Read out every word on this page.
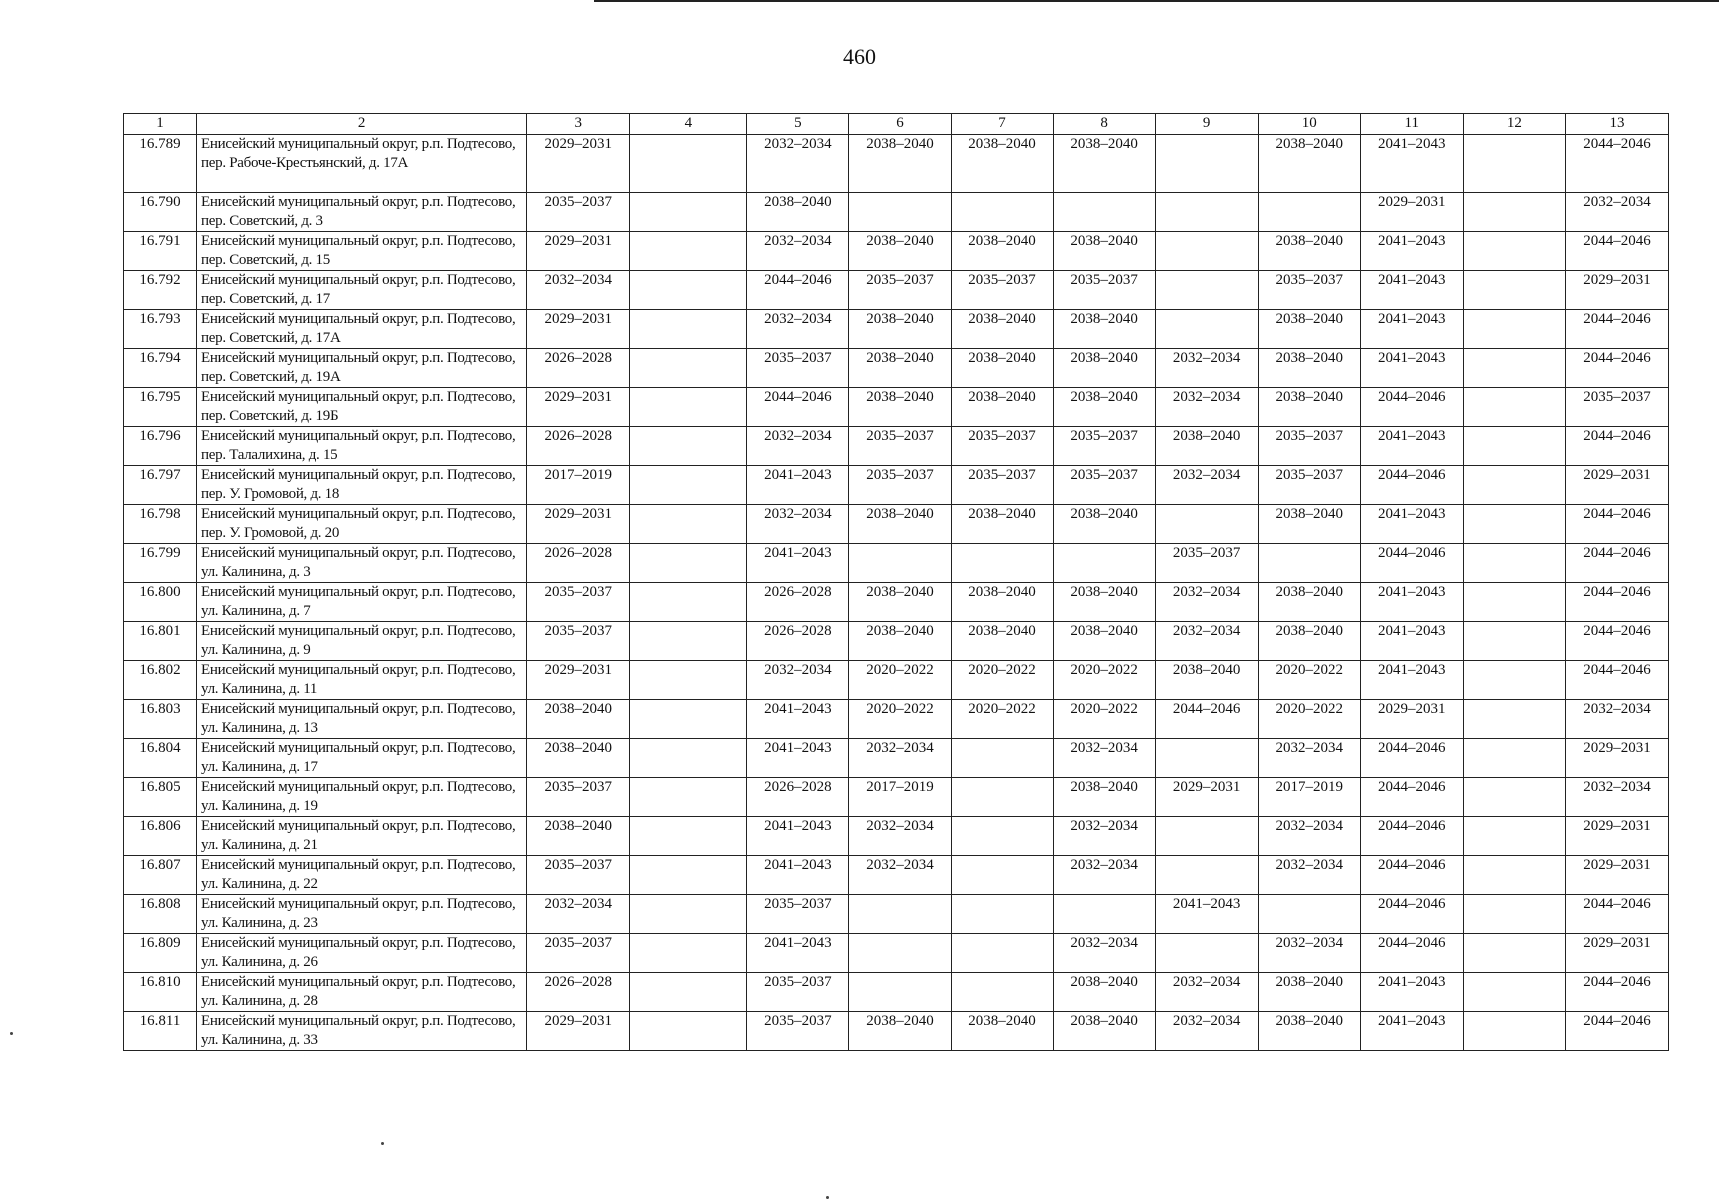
460
1	2	3	4	5	6	7	8	9	10	11	12	13
16.789	Енисейский муниципальный округ, р.п. Подтесово, пер. Рабоче-Крестьянский, д. 17А	2029–2031		2032–2034	2038–2040	2038–2040	2038–2040		2038–2040	2041–2043		2044–2046
16.790	Енисейский муниципальный округ, р.п. Подтесово, пер. Советский, д. 3	2035–2037		2038–2040						2029–2031		2032–2034
16.791	Енисейский муниципальный округ, р.п. Подтесово, пер. Советский, д. 15	2029–2031		2032–2034	2038–2040	2038–2040	2038–2040		2038–2040	2041–2043		2044–2046
16.792	Енисейский муниципальный округ, р.п. Подтесово, пер. Советский, д. 17	2032–2034		2044–2046	2035–2037	2035–2037	2035–2037		2035–2037	2041–2043		2029–2031
16.793	Енисейский муниципальный округ, р.п. Подтесово, пер. Советский, д. 17А	2029–2031		2032–2034	2038–2040	2038–2040	2038–2040		2038–2040	2041–2043		2044–2046
16.794	Енисейский муниципальный округ, р.п. Подтесово, пер. Советский, д. 19А	2026–2028		2035–2037	2038–2040	2038–2040	2038–2040	2032–2034	2038–2040	2041–2043		2044–2046
16.795	Енисейский муниципальный округ, р.п. Подтесово, пер. Советский, д. 19Б	2029–2031		2044–2046	2038–2040	2038–2040	2038–2040	2032–2034	2038–2040	2044–2046		2035–2037
16.796	Енисейский муниципальный округ, р.п. Подтесово, пер. Талалихина, д. 15	2026–2028		2032–2034	2035–2037	2035–2037	2035–2037	2038–2040	2035–2037	2041–2043		2044–2046
16.797	Енисейский муниципальный округ, р.п. Подтесово, пер. У. Громовой, д. 18	2017–2019		2041–2043	2035–2037	2035–2037	2035–2037	2032–2034	2035–2037	2044–2046		2029–2031
16.798	Енисейский муниципальный округ, р.п. Подтесово, пер. У. Громовой, д. 20	2029–2031		2032–2034	2038–2040	2038–2040	2038–2040		2038–2040	2041–2043		2044–2046
16.799	Енисейский муниципальный округ, р.п. Подтесово, ул. Калинина, д. 3	2026–2028		2041–2043				2035–2037		2044–2046		2044–2046
16.800	Енисейский муниципальный округ, р.п. Подтесово, ул. Калинина, д. 7	2035–2037		2026–2028	2038–2040	2038–2040	2038–2040	2032–2034	2038–2040	2041–2043		2044–2046
16.801	Енисейский муниципальный округ, р.п. Подтесово, ул. Калинина, д. 9	2035–2037		2026–2028	2038–2040	2038–2040	2038–2040	2032–2034	2038–2040	2041–2043		2044–2046
16.802	Енисейский муниципальный округ, р.п. Подтесово, ул. Калинина, д. 11	2029–2031		2032–2034	2020–2022	2020–2022	2020–2022	2038–2040	2020–2022	2041–2043		2044–2046
16.803	Енисейский муниципальный округ, р.п. Подтесово, ул. Калинина, д. 13	2038–2040		2041–2043	2020–2022	2020–2022	2020–2022	2044–2046	2020–2022	2029–2031		2032–2034
16.804	Енисейский муниципальный округ, р.п. Подтесово, ул. Калинина, д. 17	2038–2040		2041–2043	2032–2034		2032–2034		2032–2034	2044–2046		2029–2031
16.805	Енисейский муниципальный округ, р.п. Подтесово, ул. Калинина, д. 19	2035–2037		2026–2028	2017–2019		2038–2040	2029–2031	2017–2019	2044–2046		2032–2034
16.806	Енисейский муниципальный округ, р.п. Подтесово, ул. Калинина, д. 21	2038–2040		2041–2043	2032–2034		2032–2034		2032–2034	2044–2046		2029–2031
16.807	Енисейский муниципальный округ, р.п. Подтесово, ул. Калинина, д. 22	2035–2037		2041–2043	2032–2034		2032–2034		2032–2034	2044–2046		2029–2031
16.808	Енисейский муниципальный округ, р.п. Подтесово, ул. Калинина, д. 23	2032–2034		2035–2037				2041–2043		2044–2046		2044–2046
16.809	Енисейский муниципальный округ, р.п. Подтесово, ул. Калинина, д. 26	2035–2037		2041–2043			2032–2034		2032–2034	2044–2046		2029–2031
16.810	Енисейский муниципальный округ, р.п. Подтесово, ул. Калинина, д. 28	2026–2028		2035–2037			2038–2040	2032–2034	2038–2040	2041–2043		2044–2046
16.811	Енисейский муниципальный округ, р.п. Подтесово, ул. Калинина, д. 33	2029–2031		2035–2037	2038–2040	2038–2040	2038–2040	2032–2034	2038–2040	2041–2043		2044–2046
